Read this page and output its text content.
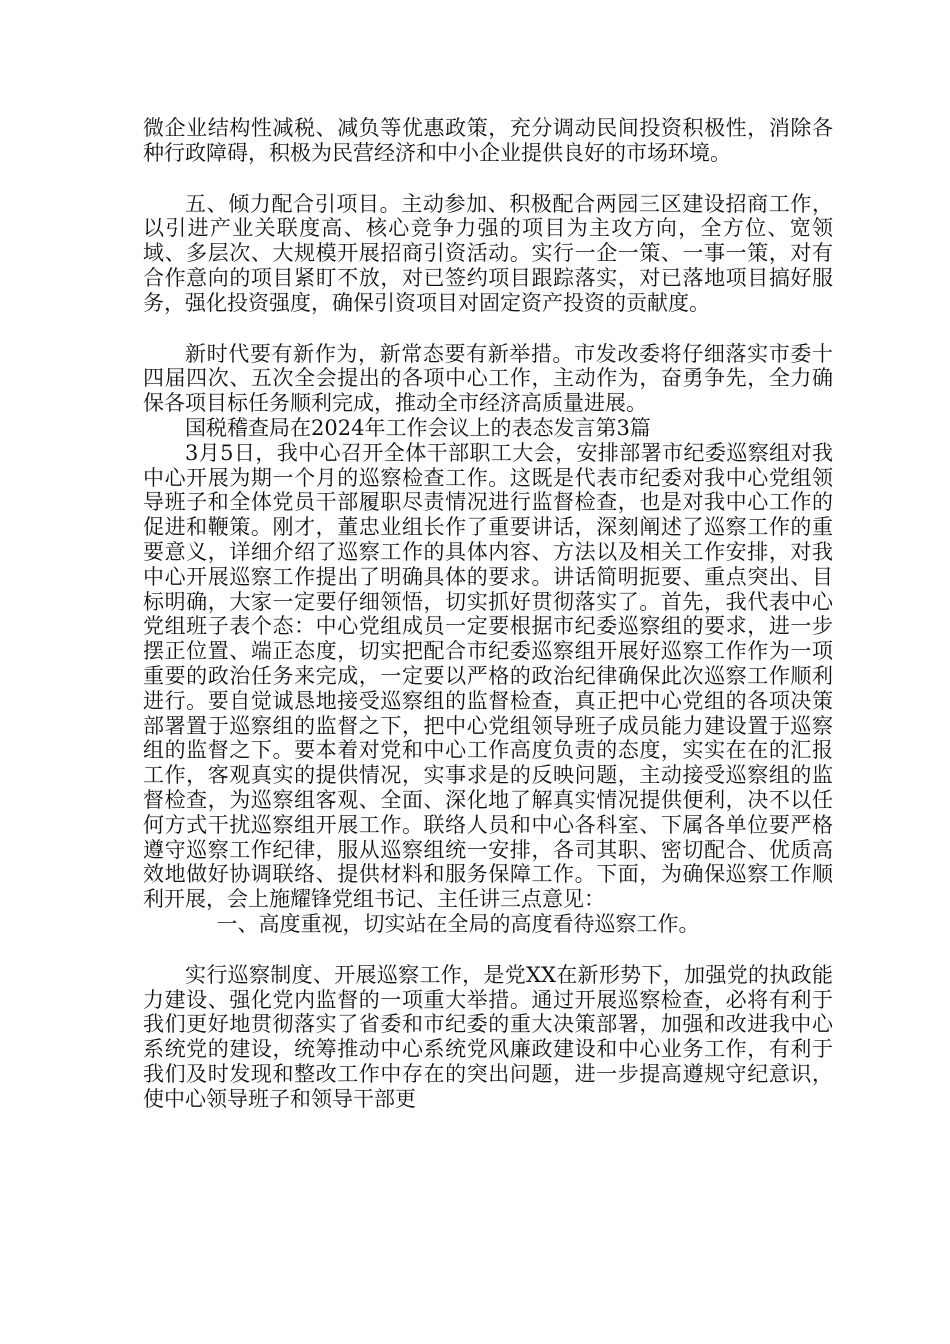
微企业结构性减税、减负等优惠政策，充分调动民间投资积极性，消除各种行政障碍，积极为民营经济和中小企业提供良好的市场环境。

五、倾力配合引项目。主动参加、积极配合两园三区建设招商工作，以引进产业关联度高、核心竞争力强的项目为主攻方向，全方位、宽领域、多层次、大规模开展招商引资活动。实行一企一策、一事一策，对有合作意向的项目紧盯不放，对已签约项目跟踪落实，对已落地项目搞好服务，强化投资强度，确保引资项目对固定资产投资的贡献度。

新时代要有新作为，新常态要有新举措。市发改委将仔细落实市委十四届四次、五次全会提出的各项中心工作，主动作为，奋勇争先，全力确保各项目标任务顺利完成，推动全市经济高质量进展。

国税稽查局在2024年工作会议上的表态发言第3篇

3月5日，我中心召开全体干部职工大会，安排部署市纪委巡察组对我中心开展为期一个月的巡察检查工作。这既是代表市纪委对我中心党组领导班子和全体党员干部履职尽责情况进行监督检查，也是对我中心工作的促进和鞭策。刚才，董忠业组长作了重要讲话，深刻阐述了巡察工作的重要意义，详细介绍了巡察工作的具体内容、方法以及相关工作安排，对我中心开展巡察工作提出了明确具体的要求。讲话简明扼要、重点突出、目标明确，大家一定要仔细领悟，切实抓好贯彻落实了。首先，我代表中心党组班子表个态：中心党组成员一定要根据市纪委巡察组的要求，进一步摆正位置、端正态度，切实把配合市纪委巡察组开展好巡察工作作为一项重要的政治任务来完成，一定要以严格的政治纪律确保此次巡察工作顺利进行。要自觉诚恳地接受巡察组的监督检查，真正把中心党组的各项决策部署置于巡察组的监督之下，把中心党组领导班子成员能力建设置于巡察组的监督之下。要本着对党和中心工作高度负责的态度，实实在在的汇报工作，客观真实的提供情况，实事求是的反映问题，主动接受巡察组的监督检查，为巡察组客观、全面、深化地了解真实情况提供便利，决不以任何方式干扰巡察组开展工作。联络人员和中心各科室、下属各单位要严格遵守巡察工作纪律，服从巡察组统一安排，各司其职、密切配合、优质高效地做好协调联络、提供材料和服务保障工作。下面，为确保巡察工作顺利开展，会上施耀锋党组书记、主任讲三点意见：

一、高度重视，切实站在全局的高度看待巡察工作。

实行巡察制度、开展巡察工作，是党XX在新形势下，加强党的执政能力建设、强化党内监督的一项重大举措。通过开展巡察检查，必将有利于我们更好地贯彻落实了省委和市纪委的重大决策部署，加强和改进我中心系统党的建设，统筹推动中心系统党风廉政建设和中心业务工作，有利于我们及时发现和整改工作中存在的突出问题，进一步提高遵规守纪意识，使中心领导班子和领导干部更
